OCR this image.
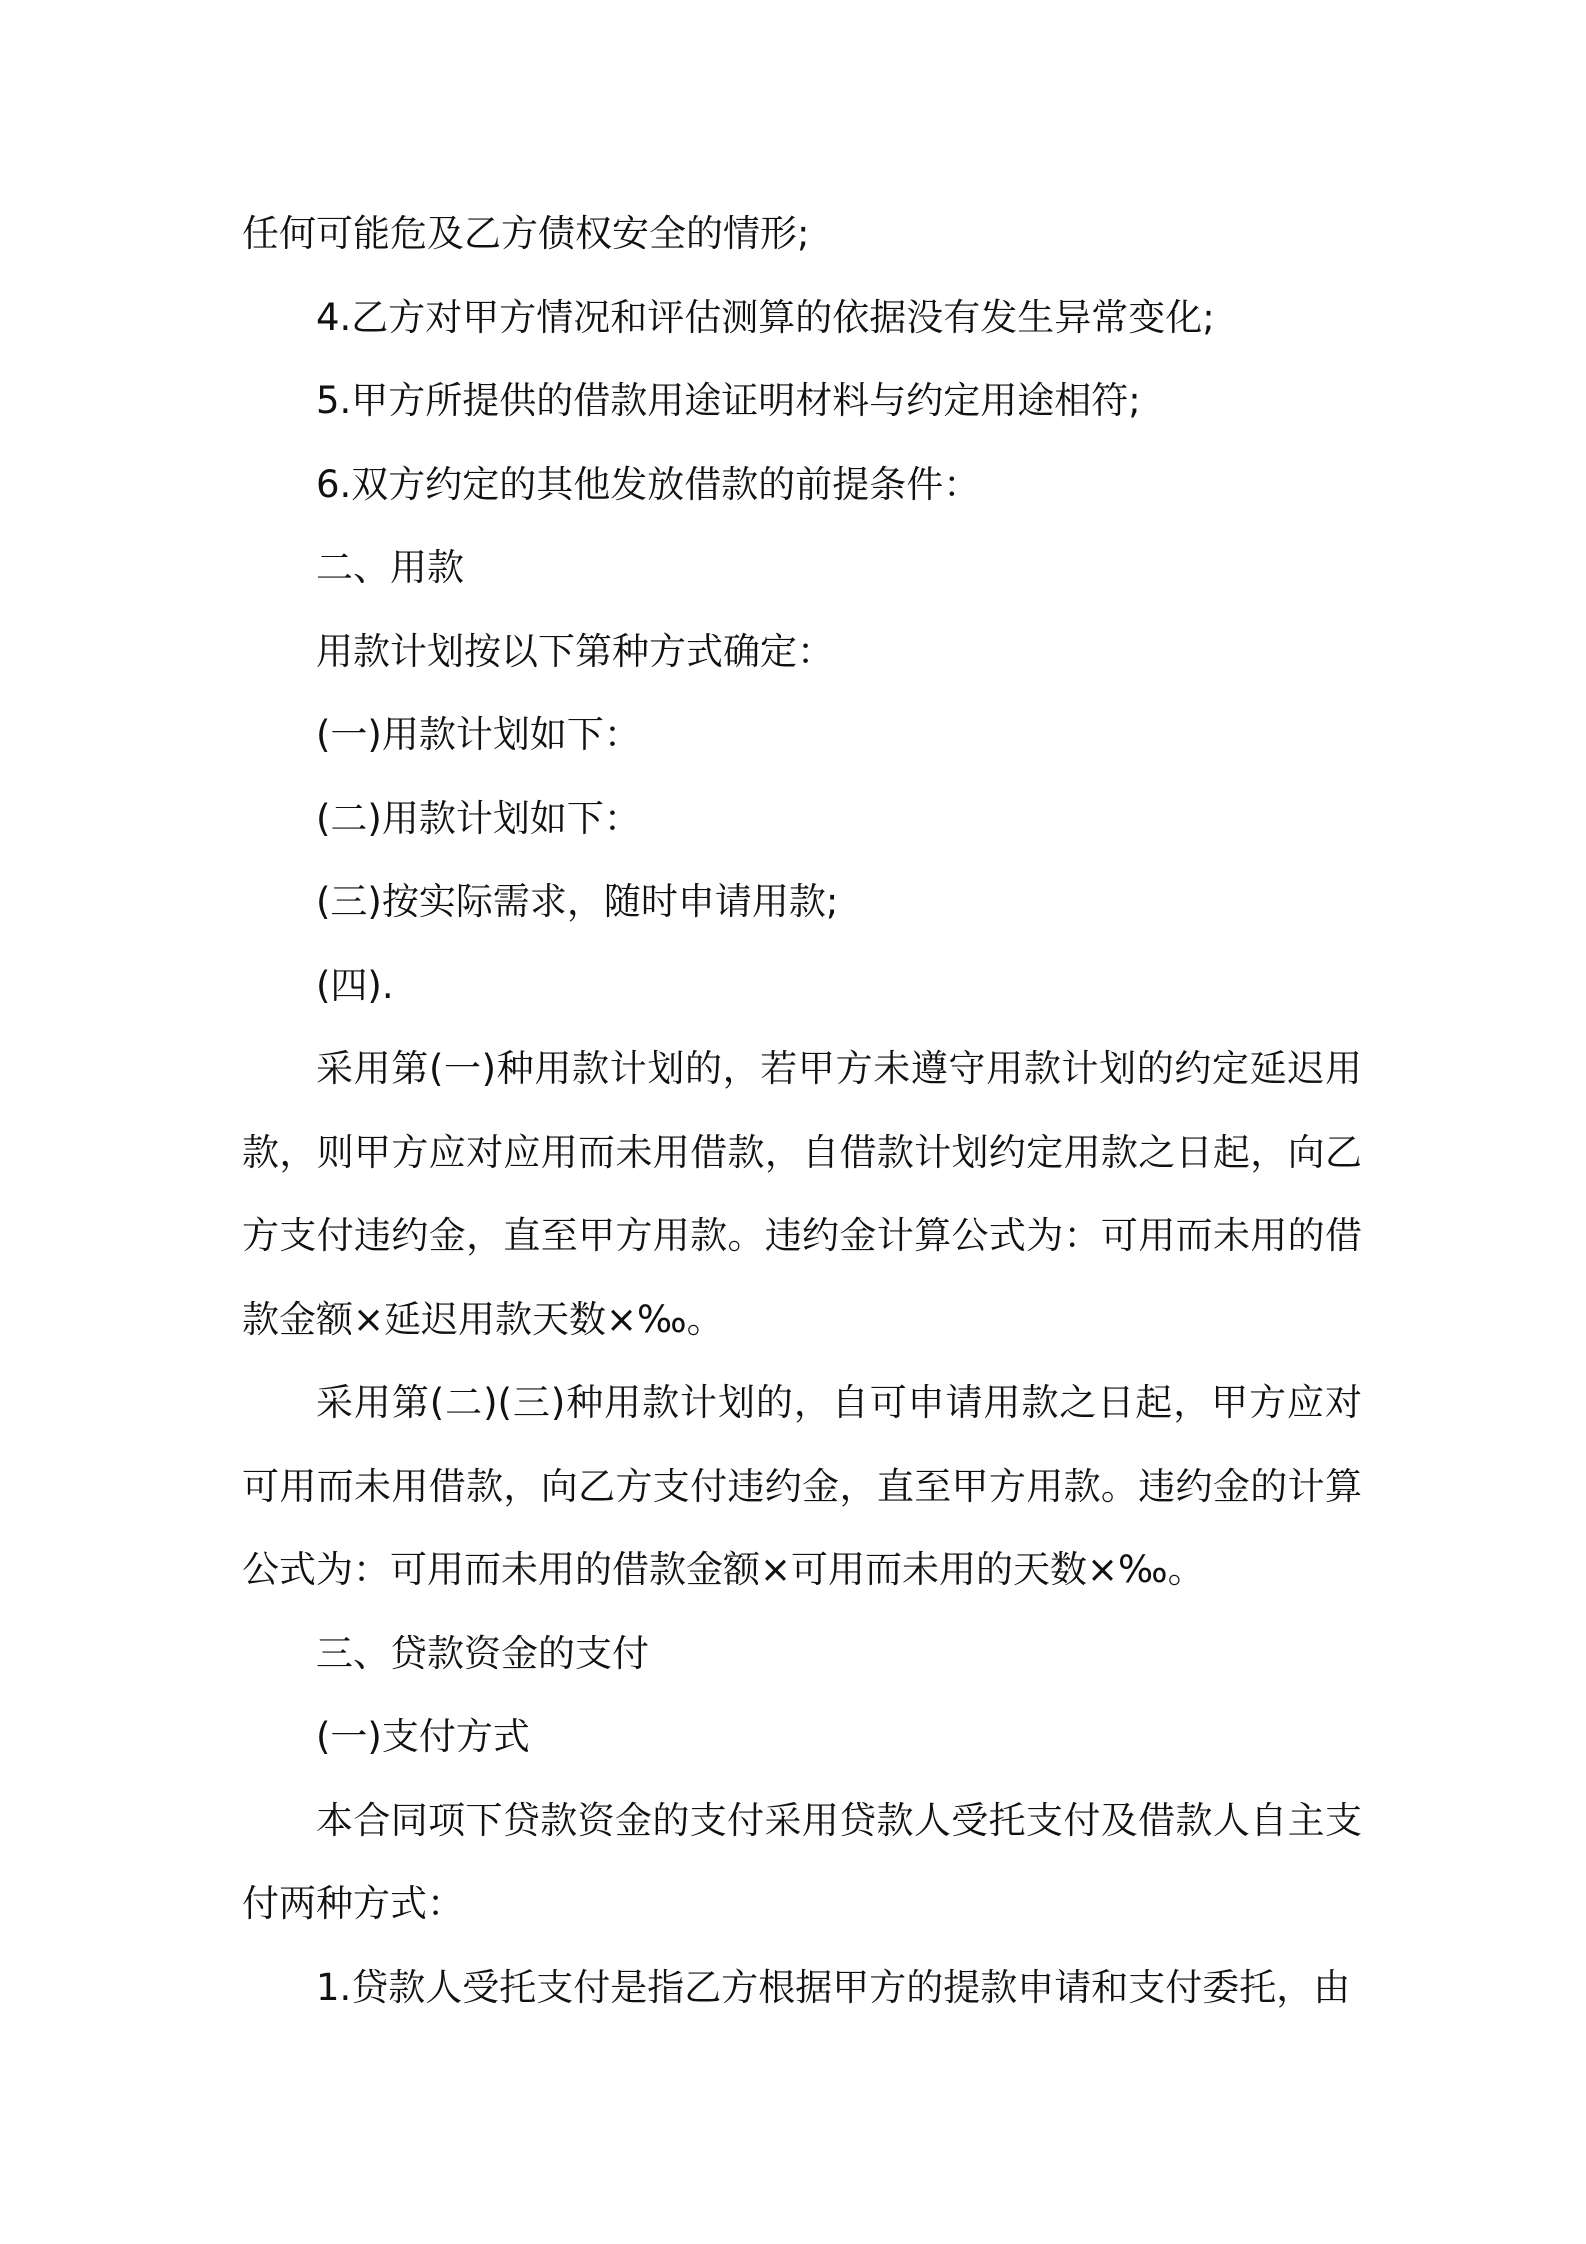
任何可能危及乙方债权安全的情形;

4.乙方对甲方情况和评估测算的依据没有发生异常变化;

5.甲方所提供的借款用途证明材料与约定用途相符;

6.双方约定的其他发放借款的前提条件：

二、用款

用款计划按以下第种方式确定：

(一)用款计划如下：

(二)用款计划如下：

(三)按实际需求，随时申请用款;

(四).

采用第(一)种用款计划的，若甲方未遵守用款计划的约定延迟用款，则甲方应对应用而未用借款，自借款计划约定用款之日起，向乙方支付违约金，直至甲方用款。违约金计算公式为：可用而未用的借款金额×延迟用款天数×‰。

采用第(二)(三)种用款计划的，自可申请用款之日起，甲方应对可用而未用借款，向乙方支付违约金，直至甲方用款。违约金的计算公式为：可用而未用的借款金额×可用而未用的天数×‰。

三、贷款资金的支付

(一)支付方式

本合同项下贷款资金的支付采用贷款人受托支付及借款人自主支付两种方式：

1.贷款人受托支付是指乙方根据甲方的提款申请和支付委托，由
